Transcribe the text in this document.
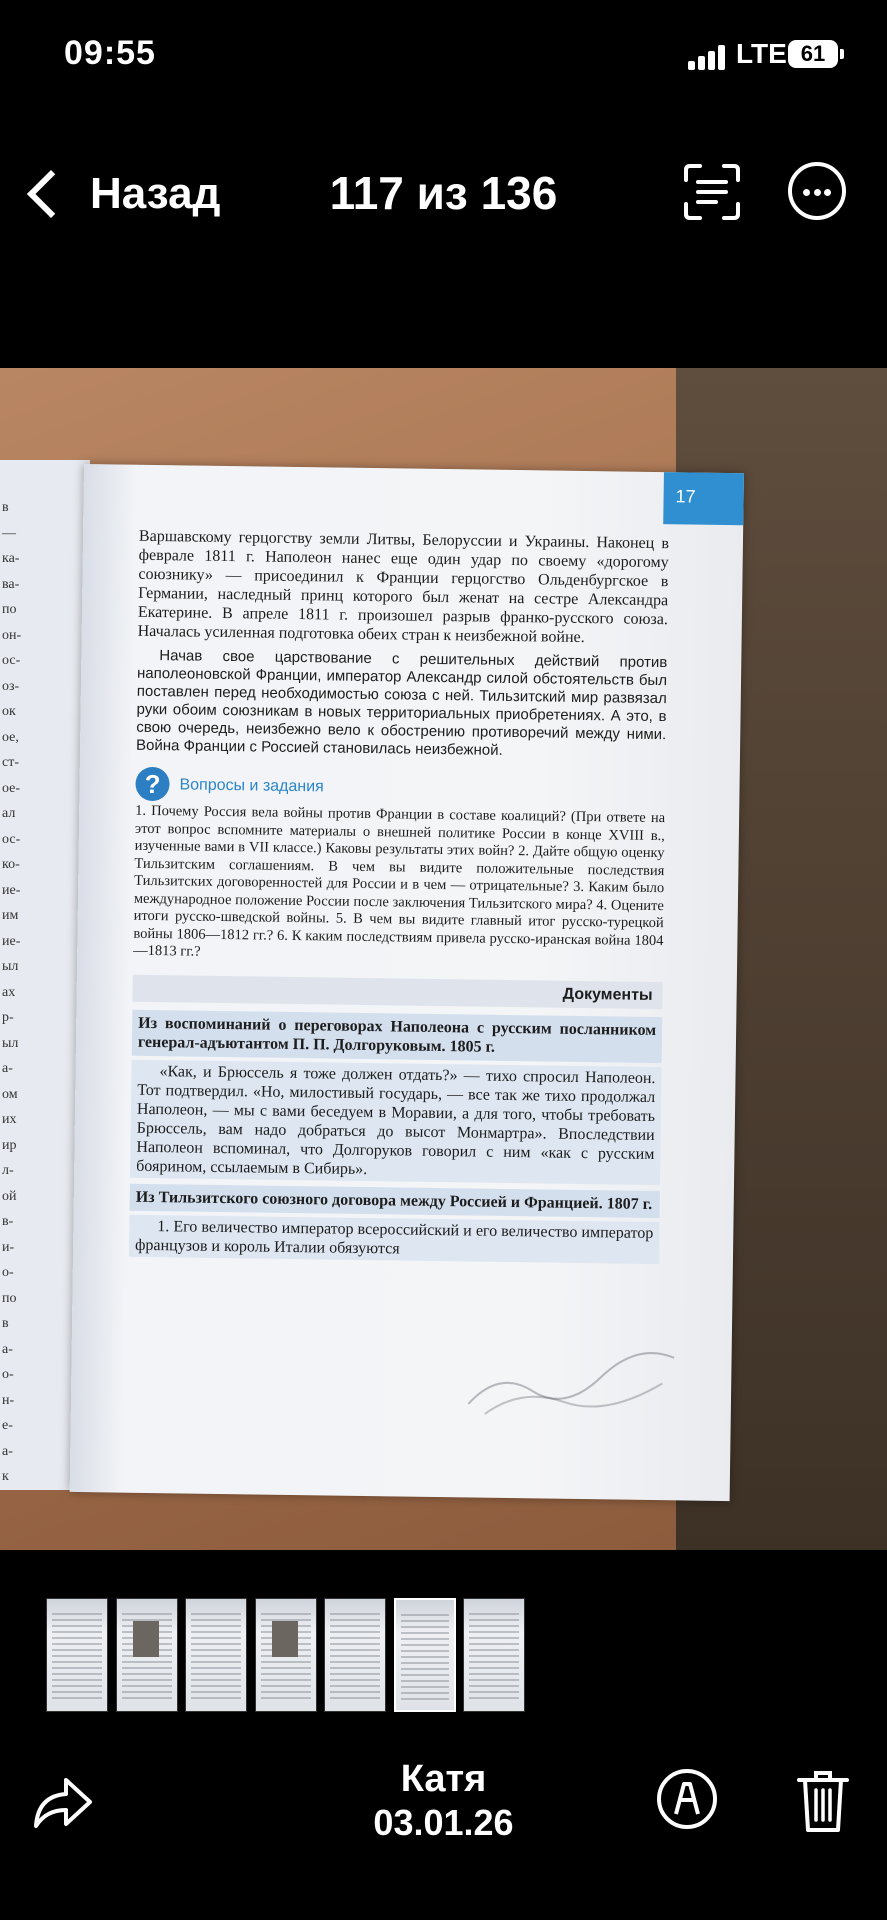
09:55	LTE 61
Назад	117 из 136
в
—
ка-
ва-
по
он-
ос-
оз-
ок
ое,
ст-
ое-
ал
ос-
ко-
ие-
им
ие-
ыл
ах
р-
ыл
а-
ом
их
ир
л-
ой
в-
и-
о-
по
в
а-
о-
н-
е-
а-
к
17

Варшавскому герцогству земли Литвы, Белоруссии и Украины. Наконец в феврале 1811 г. Наполеон нанес еще один удар по своему «дорогому союзнику» — присоединил к Франции герцогство Ольденбургское в Германии, наследный принц которого был женат на сестре Александра Екатерине. В апреле 1811 г. произошел разрыв франко-русского союза. Началась усиленная подготовка обеих стран к неизбежной войне.

Начав свое царствование с решительных действий против наполеоновской Франции, император Александр силой обстоятельств был поставлен перед необходимостью союза с ней. Тильзитский мир развязал руки обоим союзникам в новых территориальных приобретениях. А это, в свою очередь, неизбежно вело к обострению противоречий между ними. Война Франции с Россией становилась неизбежной.

?	Вопросы и задания

1. Почему Россия вела войны против Франции в составе коалиций? (При ответе на этот вопрос вспомните материалы о внешней политике России в конце XVIII в., изученные вами в VII классе.) Каковы результаты этих войн? 2. Дайте общую оценку Тильзитским соглашениям. В чем вы видите положительные последствия Тильзитских договоренностей для России и в чем — отрицательные? 3. Каким было международное положение России после заключения Тильзитского мира? 4. Оцените итоги русско-шведской войны. 5. В чем вы видите главный итог русско-турецкой войны 1806—1812 гг.? 6. К каким последствиям привела русско-иранская война 1804—1813 гг.?

Документы
Из воспоминаний о переговорах Наполеона с русским посланником генерал-адъютантом П. П. Долгоруковым. 1805 г.

«Как, и Брюссель я тоже должен отдать?» — тихо спросил Наполеон. Тот подтвердил. «Но, милостивый государь, — все так же тихо продолжал Наполеон, — мы с вами беседуем в Моравии, а для того, чтобы требовать Брюссель, вам надо добраться до высот Монмартра». Впоследствии Наполеон вспоминал, что Долгоруков говорил с ним «как с русским боярином, ссылаемым в Сибирь».

Из Тильзитского союзного договора между Россией и Францией. 1807 г.

1. Его величество император всероссийский и его величество император французов и король Италии обязуются

Катя
03.01.26
